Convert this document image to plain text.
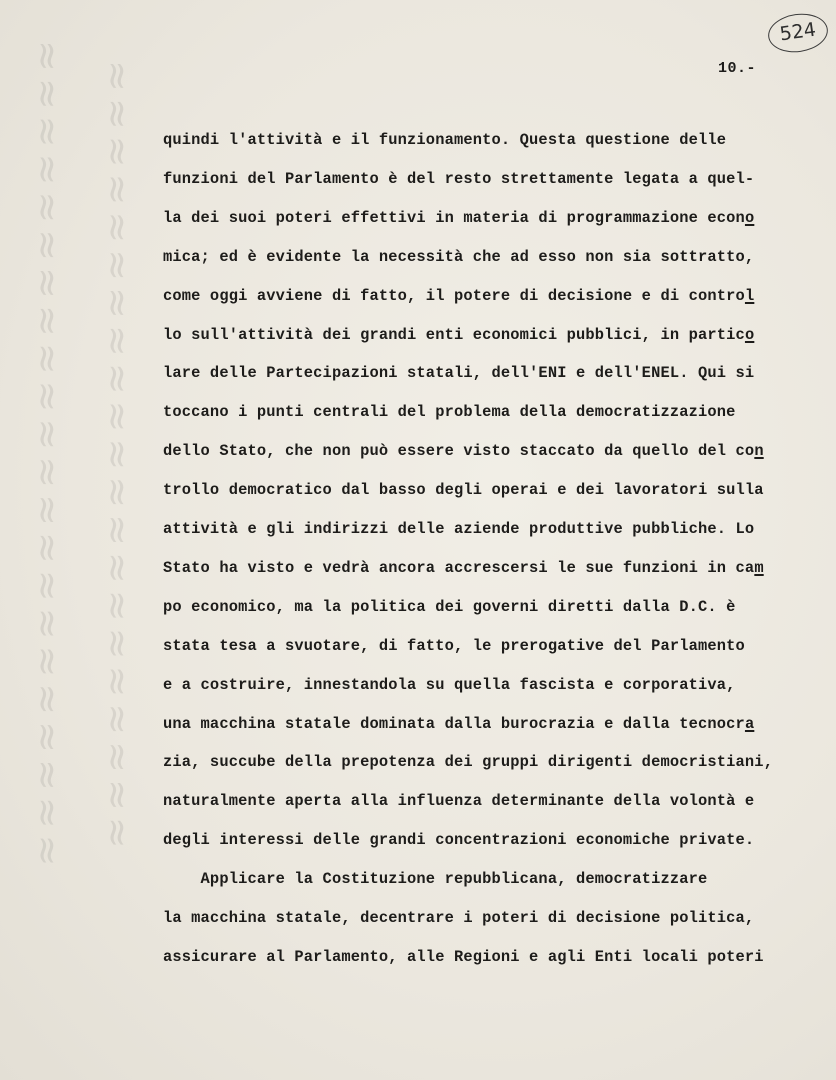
≈≈≈≈≈≈≈≈≈≈≈≈≈≈≈≈≈≈≈≈≈≈ ≈≈≈≈≈≈≈≈≈≈≈≈≈≈≈≈≈≈≈≈≈
524
10.-
quindi l'attività e il funzionamento. Questa questione delle
funzioni del Parlamento è del resto strettamente legata a quel-
la dei suoi poteri effettivi in materia di programmazione econo
mica; ed è evidente la necessità che ad esso non sia sottratto,
come oggi avviene di fatto, il potere di decisione e di control
lo sull'attività dei grandi enti economici pubblici, in partico
lare delle Partecipazioni statali, dell'ENI e dell'ENEL. Qui si
toccano i punti centrali del problema della democratizzazione
dello Stato, che non può essere visto staccato da quello del con
trollo democratico dal basso degli operai e dei lavoratori sulla
attività e gli indirizzi delle aziende produttive pubbliche. Lo
Stato ha visto e vedrà ancora accrescersi le sue funzioni in cam
po economico, ma la politica dei governi diretti dalla D.C. è
stata tesa a svuotare, di fatto, le prerogative del Parlamento
e a costruire, innestandola su quella fascista e corporativa,
una macchina statale dominata dalla burocrazia e dalla tecnocra
zia, succube della prepotenza dei gruppi dirigenti democristiani,
naturalmente aperta alla influenza determinante della volontà e
degli interessi delle grandi concentrazioni economiche private.
Applicare la Costituzione repubblicana, democratizzare
la macchina statale, decentrare i poteri di decisione politica,
assicurare al Parlamento, alle Regioni e agli Enti locali poteri
